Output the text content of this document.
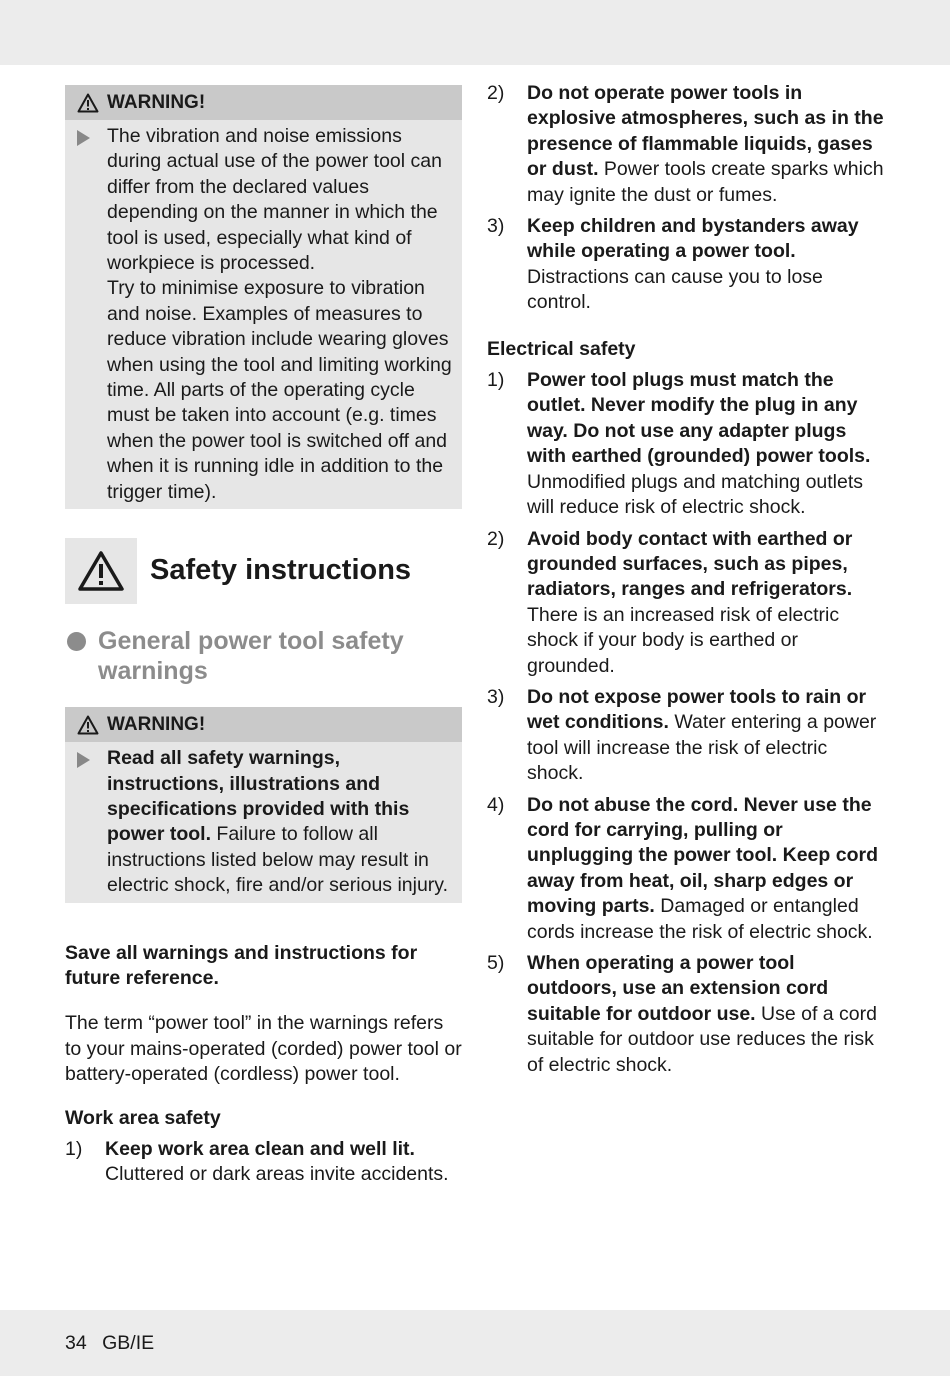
WARNING!
The vibration and noise emissions during actual use of the power tool can differ from the declared values depending on the manner in which the tool is used, especially what kind of workpiece is processed.
Try to minimise exposure to vibration and noise. Examples of measures to reduce vibration include wearing gloves when using the tool and limiting working time. All parts of the operating cycle must be taken into account (e.g. times when the power tool is switched off and when it is running idle in addition to the trigger time).
Safety instructions
General power tool safety warnings
WARNING!
Read all safety warnings, instructions, illustrations and specifications provided with this power tool. Failure to follow all instructions listed below may result in electric shock, fire and/or serious injury.
Save all warnings and instructions for future reference.
The term “power tool” in the warnings refers to your mains-operated (corded) power tool or battery-operated (cordless) power tool.
Work area safety
1) Keep work area clean and well lit. Cluttered or dark areas invite accidents.
2) Do not operate power tools in explosive atmospheres, such as in the presence of flammable liquids, gases or dust. Power tools create sparks which may ignite the dust or fumes.
3) Keep children and bystanders away while operating a power tool. Distractions can cause you to lose control.
Electrical safety
1) Power tool plugs must match the outlet. Never modify the plug in any way. Do not use any adapter plugs with earthed (grounded) power tools. Unmodified plugs and matching outlets will reduce risk of electric shock.
2) Avoid body contact with earthed or grounded surfaces, such as pipes, radiators, ranges and refrigerators. There is an increased risk of electric shock if your body is earthed or grounded.
3) Do not expose power tools to rain or wet conditions. Water entering a power tool will increase the risk of electric shock.
4) Do not abuse the cord. Never use the cord for carrying, pulling or unplugging the power tool. Keep cord away from heat, oil, sharp edges or moving parts. Damaged or entangled cords increase the risk of electric shock.
5) When operating a power tool outdoors, use an extension cord suitable for outdoor use. Use of a cord suitable for outdoor use reduces the risk of electric shock.
34 GB/IE
